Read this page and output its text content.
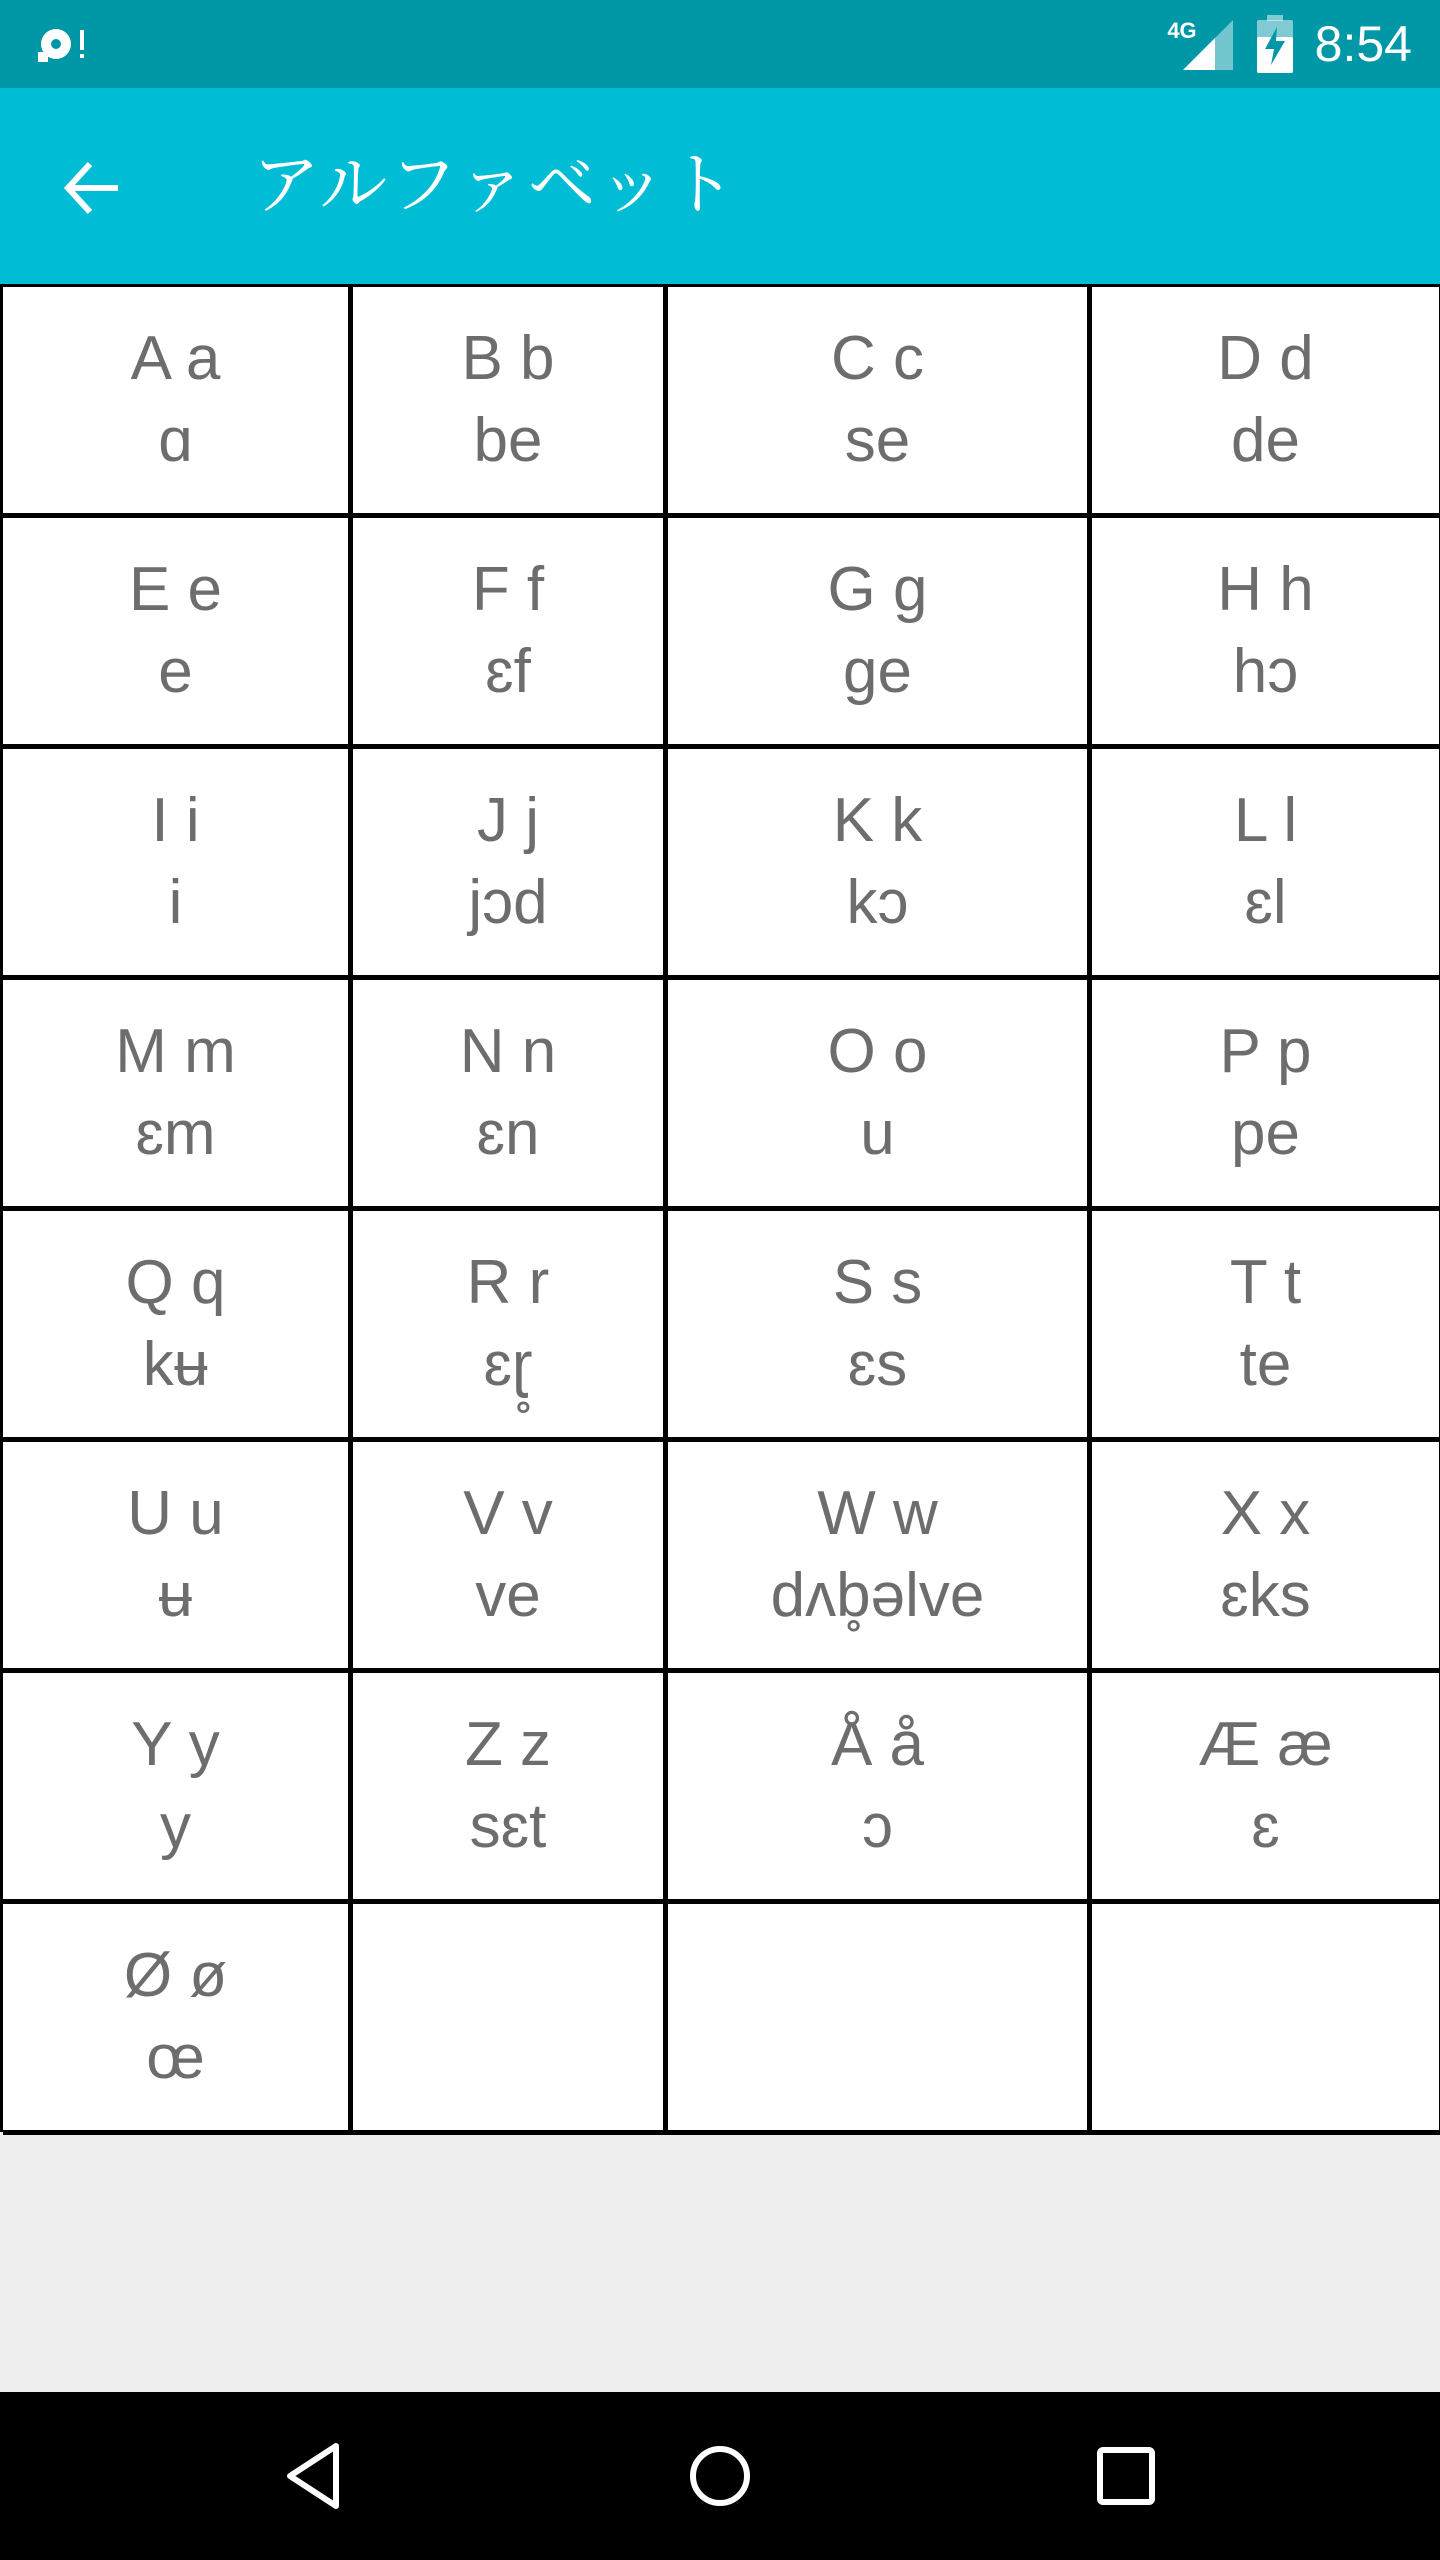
4G 8:54
アルファベット
A a
ɑ
B b
be
C c
se
D d
de
E e
e
F f
ɛf
G g
ge
H h
hɔ
I i
i
J j
jɔd
K k
kɔ
L l
ɛl
M m
ɛm
N n
ɛn
O o
u
P p
pe
Q q
kʉ
R r
ɛɽ̥
S s
ɛs
T t
te
U u
ʉ
V v
ve
W w
dʌb̥əlve
X x
ɛks
Y y
y
Z z
sɛt
Å å
ɔ
Æ æ
ɛ
Ø ø
œ
